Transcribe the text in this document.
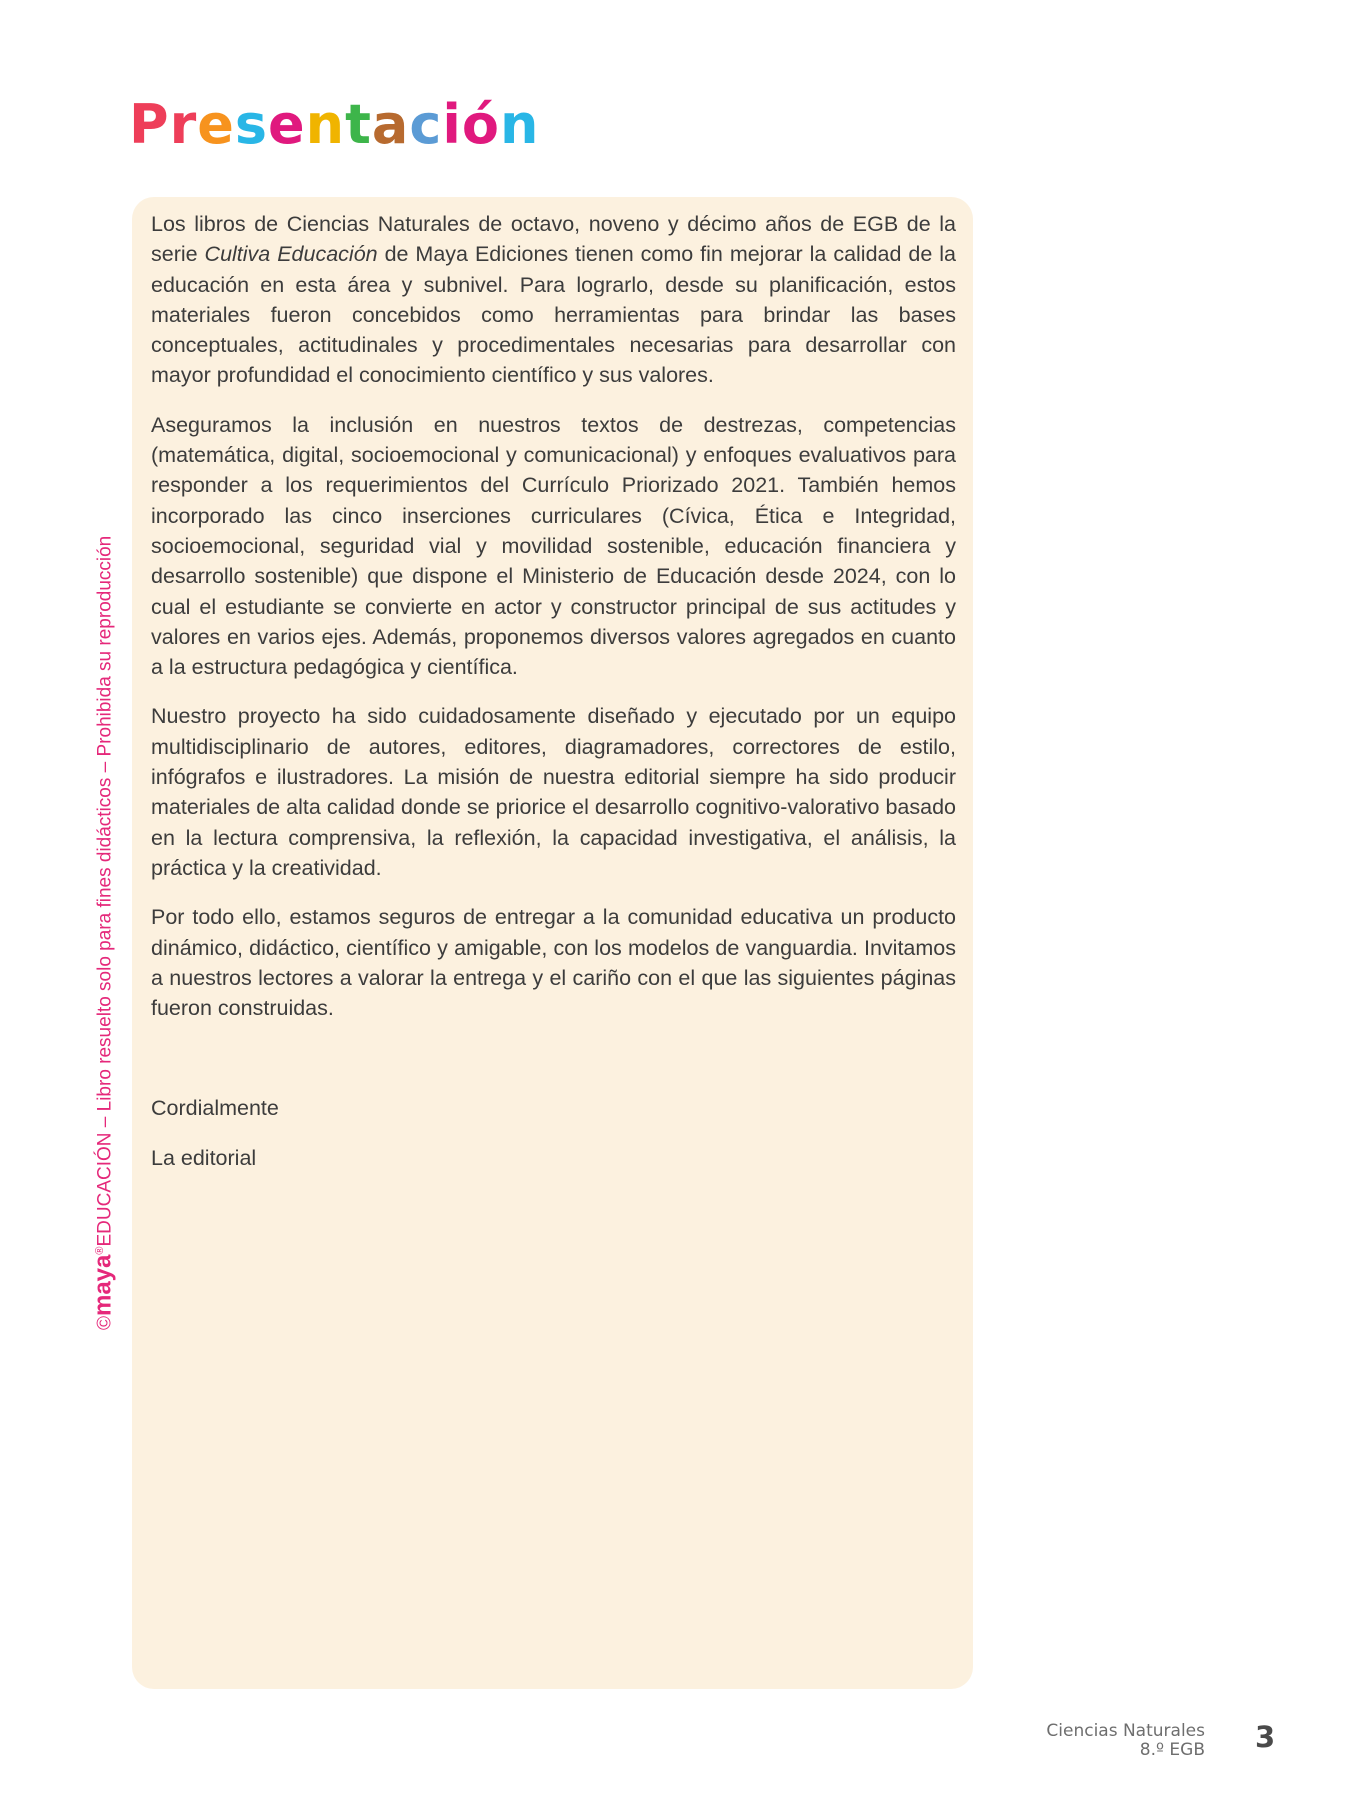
Presentación

Los libros de Ciencias Naturales de octavo, noveno y décimo años de EGB de la serie Cultiva Educación de Maya Ediciones tienen como fin mejorar la calidad de la educación en esta área y subnivel. Para lograrlo, desde su planificación, estos materiales fueron concebidos como herramientas para brindar las bases conceptuales, actitudinales y procedimentales necesarias para desarrollar con mayor profundidad el conocimiento científico y sus valores.

Aseguramos la inclusión en nuestros textos de destrezas, competencias (matemática, digital, socioemocional y comunicacional) y enfoques evaluativos para responder a los requerimientos del Currículo Priorizado 2021. También hemos incorporado las cinco inserciones curriculares (Cívica, Ética e Integridad, socioemocional, seguridad vial y movilidad sostenible, educación financiera y desarrollo sostenible) que dispone el Ministerio de Educación desde 2024, con lo cual el estudiante se convierte en actor y constructor principal de sus actitudes y valores en varios ejes. Además, proponemos diversos valores agregados en cuanto a la estructura pedagógica y científica.

Nuestro proyecto ha sido cuidadosamente diseñado y ejecutado por un equipo multidisciplinario de autores, editores, diagramadores, correctores de estilo, infógrafos e ilustradores. La misión de nuestra editorial siempre ha sido producir materiales de alta calidad donde se priorice el desarrollo cognitivo-valorativo basado en la lectura comprensiva, la reflexión, la capacidad investigativa, el análisis, la práctica y la creatividad.

Por todo ello, estamos seguros de entregar a la comunidad educativa un producto dinámico, didáctico, científico y amigable, con los modelos de vanguardia. Invitamos a nuestros lectores a valorar la entrega y el cariño con el que las siguientes páginas fueron construidas.

Cordialmente
La editorial
©maya®EDUCACIÓN – Libro resuelto solo para fines didácticos – Prohibida su reproducción
Ciencias Naturales
8.º EGB 3
